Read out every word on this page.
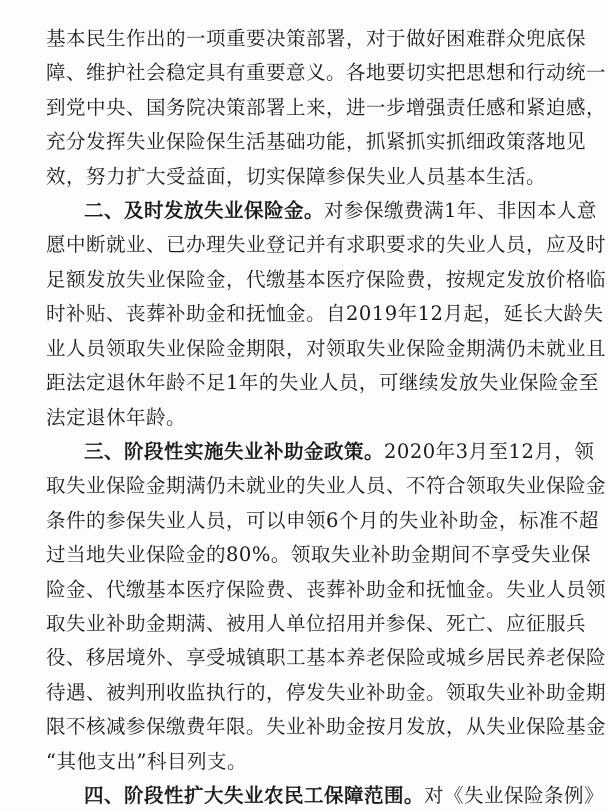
基本民生作出的一项重要决策部署，对于做好困难群众兜底保
障、维护社会稳定具有重要意义。各地要切实把思想和行动统一
到党中央、国务院决策部署上来，进一步增强责任感和紧迫感，
充分发挥失业保险保生活基础功能，抓紧抓实抓细政策落地见
效，努力扩大受益面，切实保障参保失业人员基本生活。
二、及时发放失业保险金。对参保缴费满1年、非因本人意
愿中断就业、已办理失业登记并有求职要求的失业人员，应及时
足额发放失业保险金，代缴基本医疗保险费，按规定发放价格临
时补贴、丧葬补助金和抚恤金。自2019年12月起，延长大龄失
业人员领取失业保险金期限，对领取失业保险金期满仍未就业且
距法定退休年龄不足1年的失业人员，可继续发放失业保险金至
法定退休年龄。
三、阶段性实施失业补助金政策。2020年3月至12月，领
取失业保险金期满仍未就业的失业人员、不符合领取失业保险金
条件的参保失业人员，可以申领6个月的失业补助金，标准不超
过当地失业保险金的80%。领取失业补助金期间不享受失业保
险金、代缴基本医疗保险费、丧葬补助金和抚恤金。失业人员领
取失业补助金期满、被用人单位招用并参保、死亡、应征服兵
役、移居境外、享受城镇职工基本养老保险或城乡居民养老保险
待遇、被判刑收监执行的，停发失业补助金。领取失业补助金期
限不核减参保缴费年限。失业补助金按月发放，从失业保险基金
“其他支出”科目列支。
四、阶段性扩大失业农民工保障范围。对《失业保险条例》
